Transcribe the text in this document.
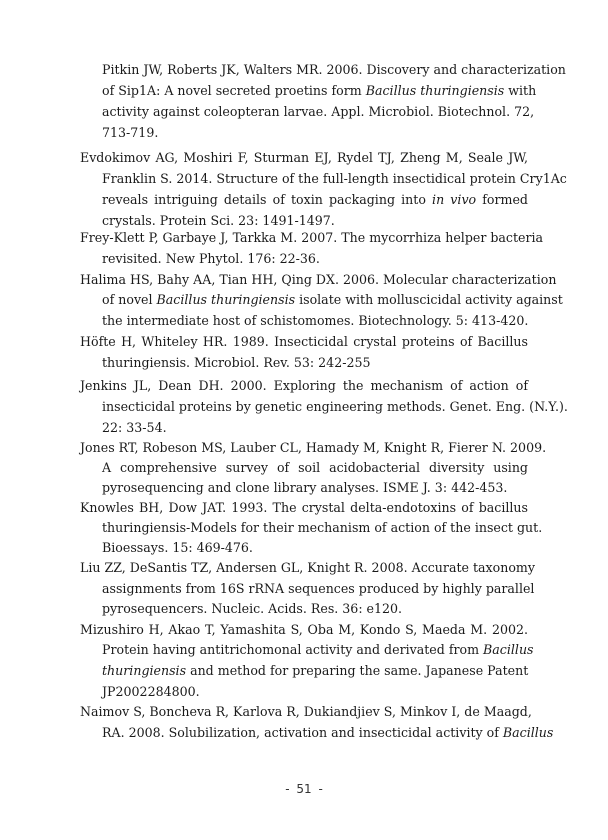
Pitkin JW, Roberts JK, Walters MR. 2006. Discovery and characterization
of Sip1A: A novel secreted proetins form Bacillus thuringiensis with
activity against coleopteran larvae. Appl. Microbiol. Biotechnol. 72,
713-719.
Evdokimov AG, Moshiri F, Sturman EJ, Rydel TJ, Zheng M, Seale JW,
Franklin S. 2014. Structure of the full-length insectidical protein Cry1Ac
reveals intriguing details of toxin packaging into in vivo formed
crystals. Protein Sci. 23: 1491-1497.
Frey-Klett P, Garbaye J, Tarkka M. 2007. The mycorrhiza helper bacteria
revisited. New Phytol. 176: 22-36.
Halima HS, Bahy AA, Tian HH, Qing DX. 2006. Molecular characterization
of novel Bacillus thuringiensis isolate with molluscicidal activity against
the intermediate host of schistomomes. Biotechnology. 5: 413-420.
Höfte H, Whiteley HR. 1989. Insecticidal crystal proteins of Bacillus
thuringiensis. Microbiol. Rev. 53: 242-255
Jenkins JL, Dean DH. 2000. Exploring the mechanism of action of
insecticidal proteins by genetic engineering methods. Genet. Eng. (N.Y.).
22: 33-54.
Jones RT, Robeson MS, Lauber CL, Hamady M, Knight R, Fierer N. 2009.
A comprehensive survey of soil acidobacterial diversity using
pyrosequencing and clone library analyses. ISME J. 3: 442-453.
Knowles BH, Dow JAT. 1993. The crystal delta-endotoxins of bacillus
thuringiensis-Models for their mechanism of action of the insect gut.
Bioessays. 15: 469-476.
Liu ZZ, DeSantis TZ, Andersen GL, Knight R. 2008. Accurate taxonomy
assignments from 16S rRNA sequences produced by highly parallel
pyrosequencers. Nucleic. Acids. Res. 36: e120.
Mizushiro H, Akao T, Yamashita S, Oba M, Kondo S, Maeda M. 2002.
Protein having antitrichomonal activity and derivated from Bacillus
thuringiensis and method for preparing the same. Japanese Patent
JP2002284800.
Naimov S, Boncheva R, Karlova R, Dukiandjiev S, Minkov I, de Maagd,
RA. 2008. Solubilization, activation and insecticidal activity of Bacillus
- 51 -
